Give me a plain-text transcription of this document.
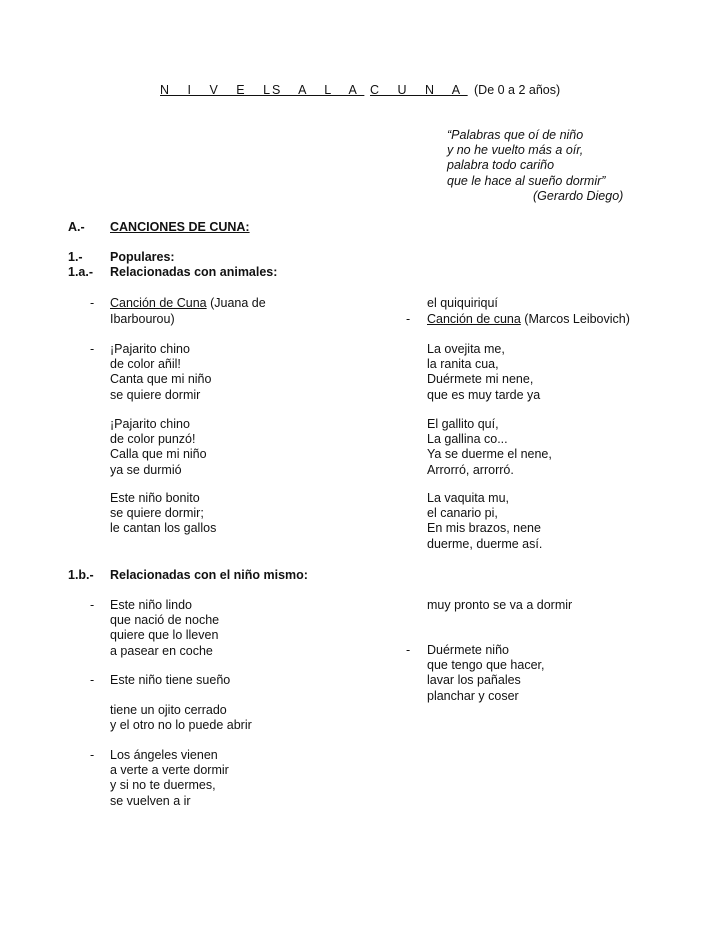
N I V E L
S A L A C U N A (De 0 a 2 años)
“Palabras que oí de niño
y no he vuelto más a oír,
palabra todo cariño
que le hace al sueño dormir”
(Gerardo Diego)
A.- CANCIONES DE CUNA:
1.- Populares:
1.a.- Relacionadas con animales:
- Canción de Cuna (Juana de
Ibarbourou)
- ¡Pajarito chino
de color añil!
Canta que mi niño
se quiere dormir
¡Pajarito chino
de color punzó!
Calla que mi niño
ya se durmió
Este niño bonito
se quiere dormir;
le cantan los gallos
el quiquiriquí
- Canción de cuna (Marcos Leibovich)
La ovejita me,
la ranita cua,
Duérmete mi nene,
que es muy tarde ya
El gallito quí,
La gallina co...
Ya se duerme el nene,
Arrorró, arrorró.
La vaquita mu,
el canario pi,
En mis brazos, nene
duerme, duerme así.
1.b.- Relacionadas con el niño mismo:
- Este niño lindo
que nació de noche
quiere que lo lleven
a pasear en coche
- Este niño tiene sueño
tiene un ojito cerrado
y el otro no lo puede abrir
- Los ángeles vienen
a verte a verte dormir
y si no te duermes,
se vuelven a ir
muy pronto se va a dormir
- Duérmete niño
que tengo que hacer,
lavar los pañales
planchar y coser
